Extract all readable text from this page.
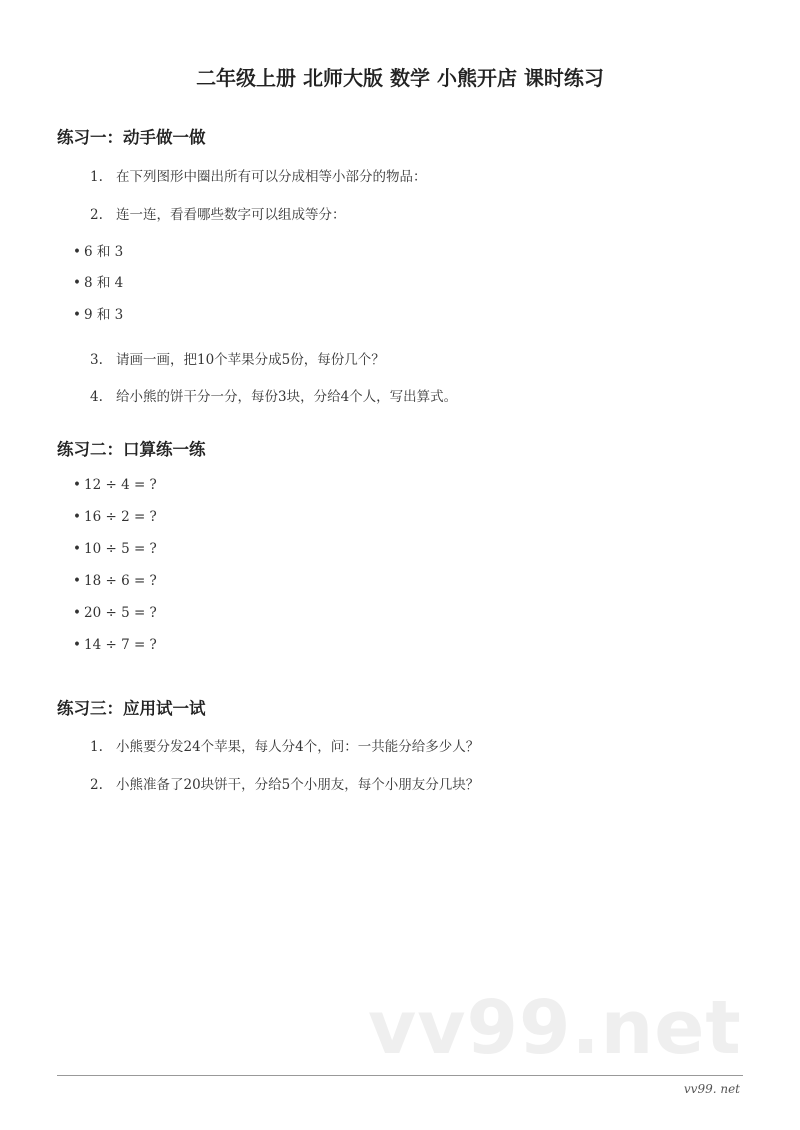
二年级上册 北师大版 数学 小熊开店 课时练习
练习一：动手做一做
1. 在下列图形中圈出所有可以分成相等小部分的物品：
2. 连一连，看看哪些数字可以组成等分：
• 6 和 3
• 8 和 4
• 9 和 3
3. 请画一画，把10个苹果分成5份，每份几个？
4. 给小熊的饼干分一分，每份3块，分给4个人，写出算式。
练习二：口算练一练
• 12 ÷ 4 = ?
• 16 ÷ 2 = ?
• 10 ÷ 5 = ?
• 18 ÷ 6 = ?
• 20 ÷ 5 = ?
• 14 ÷ 7 = ?
练习三：应用试一试
1. 小熊要分发24个苹果，每人分4个，问：一共能分给多少人？
2. 小熊准备了20块饼干，分给5个小朋友，每个小朋友分几块？
vv99.net
vv99. net
